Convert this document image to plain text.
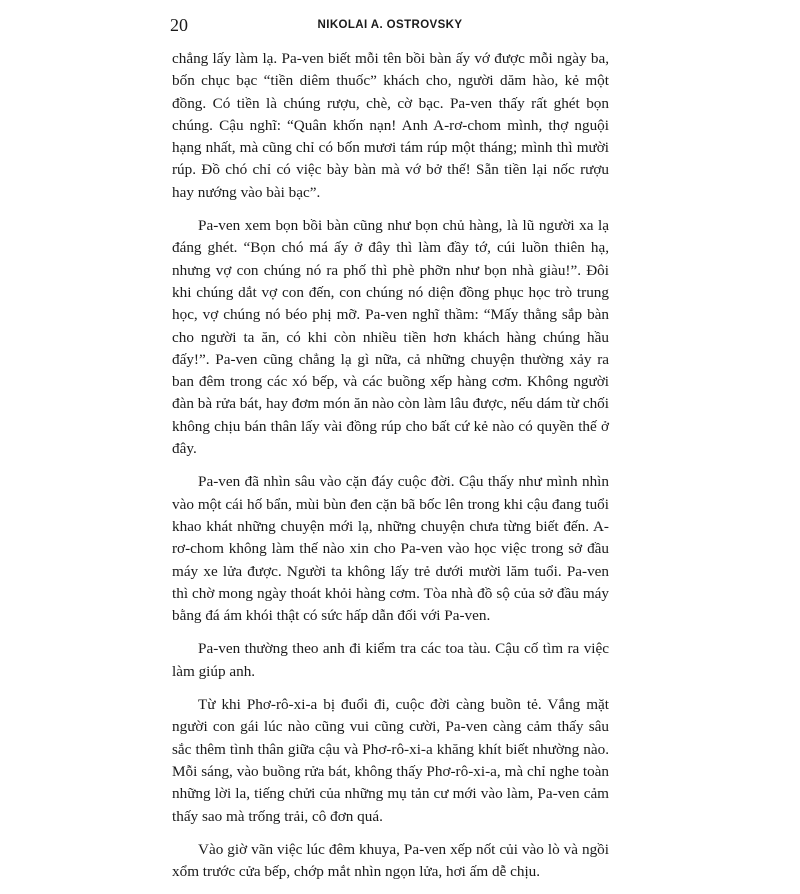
20	NIKOLAI A. OSTROVSKY

chẳng lấy làm lạ. Pa-ven biết mỗi tên bồi bàn ấy vớ được mỗi ngày ba, bốn chục bạc “tiền diêm thuốc” khách cho, người dăm hào, kẻ một đồng. Có tiền là chúng rượu, chè, cờ bạc. Pa-ven thấy rất ghét bọn chúng. Cậu nghĩ: “Quân khốn nạn! Anh A-rơ-chom mình, thợ nguội hạng nhất, mà cũng chỉ có bốn mươi tám rúp một tháng; mình thì mười rúp. Đồ chó chỉ có việc bày bàn mà vớ bở thế! Sẵn tiền lại nốc rượu hay nướng vào bài bạc”.

Pa-ven xem bọn bồi bàn cũng như bọn chủ hàng, là lũ người xa lạ đáng ghét. “Bọn chó má ấy ở đây thì làm đầy tớ, cúi luồn thiên hạ, nhưng vợ con chúng nó ra phố thì phè phỡn như bọn nhà giàu!”. Đôi khi chúng dắt vợ con đến, con chúng nó diện đồng phục học trò trung học, vợ chúng nó béo phị mỡ. Pa-ven nghĩ thầm: “Mấy thằng sắp bàn cho người ta ăn, có khi còn nhiều tiền hơn khách hàng chúng hầu đấy!”. Pa-ven cũng chẳng lạ gì nữa, cả những chuyện thường xảy ra ban đêm trong các xó bếp, và các buồng xếp hàng cơm. Không người đàn bà rửa bát, hay đơm món ăn nào còn làm lâu được, nếu dám từ chối không chịu bán thân lấy vài đồng rúp cho bất cứ kẻ nào có quyền thế ở đây.

Pa-ven đã nhìn sâu vào cặn đáy cuộc đời. Cậu thấy như mình nhìn vào một cái hố bẩn, mùi bùn đen cặn bã bốc lên trong khi cậu đang tuổi khao khát những chuyện mới lạ, những chuyện chưa từng biết đến. A-rơ-chom không làm thế nào xin cho Pa-ven vào học việc trong sở đầu máy xe lửa được. Người ta không lấy trẻ dưới mười lăm tuổi. Pa-ven thì chờ mong ngày thoát khỏi hàng cơm. Tòa nhà đồ sộ của sở đầu máy bằng đá ám khói thật có sức hấp dẫn đối với Pa-ven.

Pa-ven thường theo anh đi kiểm tra các toa tàu. Cậu cố tìm ra việc làm giúp anh.

Từ khi Phơ-rô-xi-a bị đuổi đi, cuộc đời càng buồn tẻ. Vắng mặt người con gái lúc nào cũng vui cũng cười, Pa-ven càng cảm thấy sâu sắc thêm tình thân giữa cậu và Phơ-rô-xi-a khăng khít biết nhường nào. Mỗi sáng, vào buồng rửa bát, không thấy Phơ-rô-xi-a, mà chỉ nghe toàn những lời la, tiếng chửi của những mụ tản cư mới vào làm, Pa-ven cảm thấy sao mà trống trải, cô đơn quá.

Vào giờ vãn việc lúc đêm khuya, Pa-ven xếp nốt củi vào lò và ngồi xổm trước cửa bếp, chớp mắt nhìn ngọn lửa, hơi ấm dễ chịu.
